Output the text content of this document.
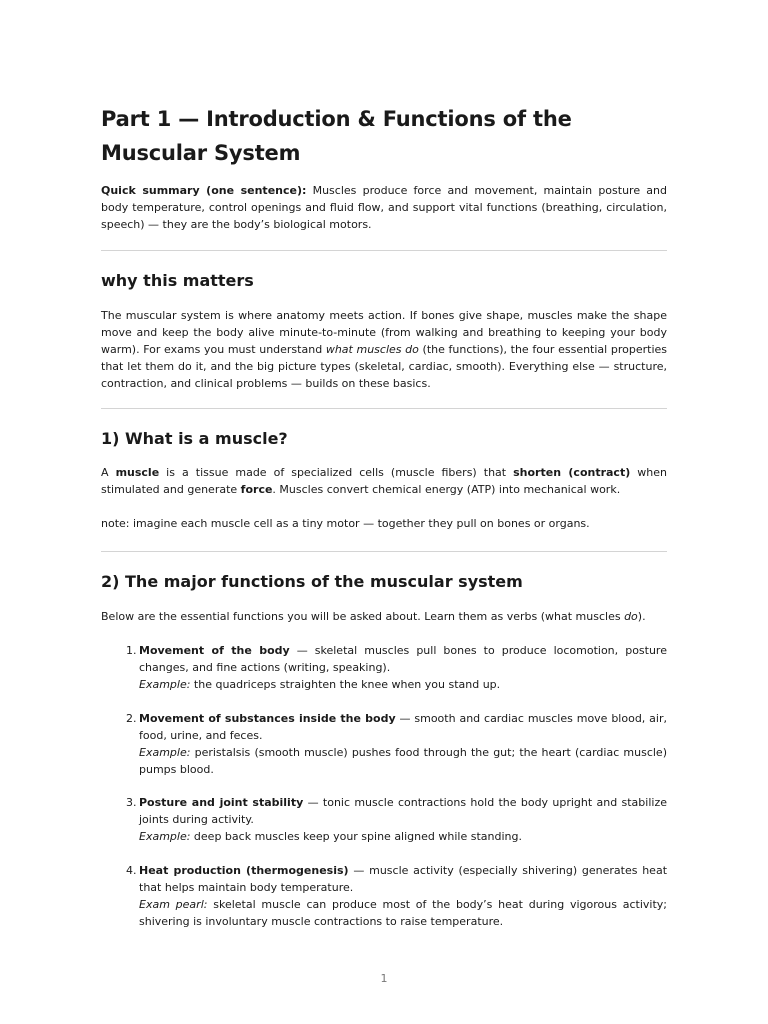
Part 1 — Introduction & Functions of the Muscular System

Quick summary (one sentence): Muscles produce force and movement, maintain posture and body temperature, control openings and fluid flow, and support vital functions (breathing, circulation, speech) — they are the body’s biological motors.

why this matters

The muscular system is where anatomy meets action. If bones give shape, muscles make the shape move and keep the body alive minute-to-minute (from walking and breathing to keeping your body warm). For exams you must understand what muscles do (the functions), the four essential properties that let them do it, and the big picture types (skeletal, cardiac, smooth). Everything else — structure, contraction, and clinical problems — builds on these basics.

1) What is a muscle?

A muscle is a tissue made of specialized cells (muscle fibers) that shorten (contract) when stimulated and generate force. Muscles convert chemical energy (ATP) into mechanical work.

note: imagine each muscle cell as a tiny motor — together they pull on bones or organs.

2) The major functions of the muscular system

Below are the essential functions you will be asked about. Learn them as verbs (what muscles do).

1. Movement of the body — skeletal muscles pull bones to produce locomotion, posture changes, and fine actions (writing, speaking).
Example: the quadriceps straighten the knee when you stand up.
2. Movement of substances inside the body — smooth and cardiac muscles move blood, air, food, urine, and feces.
Example: peristalsis (smooth muscle) pushes food through the gut; the heart (cardiac muscle) pumps blood.
3. Posture and joint stability — tonic muscle contractions hold the body upright and stabilize joints during activity.
Example: deep back muscles keep your spine aligned while standing.
4. Heat production (thermogenesis) — muscle activity (especially shivering) generates heat that helps maintain body temperature.
Exam pearl: skeletal muscle can produce most of the body’s heat during vigorous activity; shivering is involuntary muscle contractions to raise temperature.
1
